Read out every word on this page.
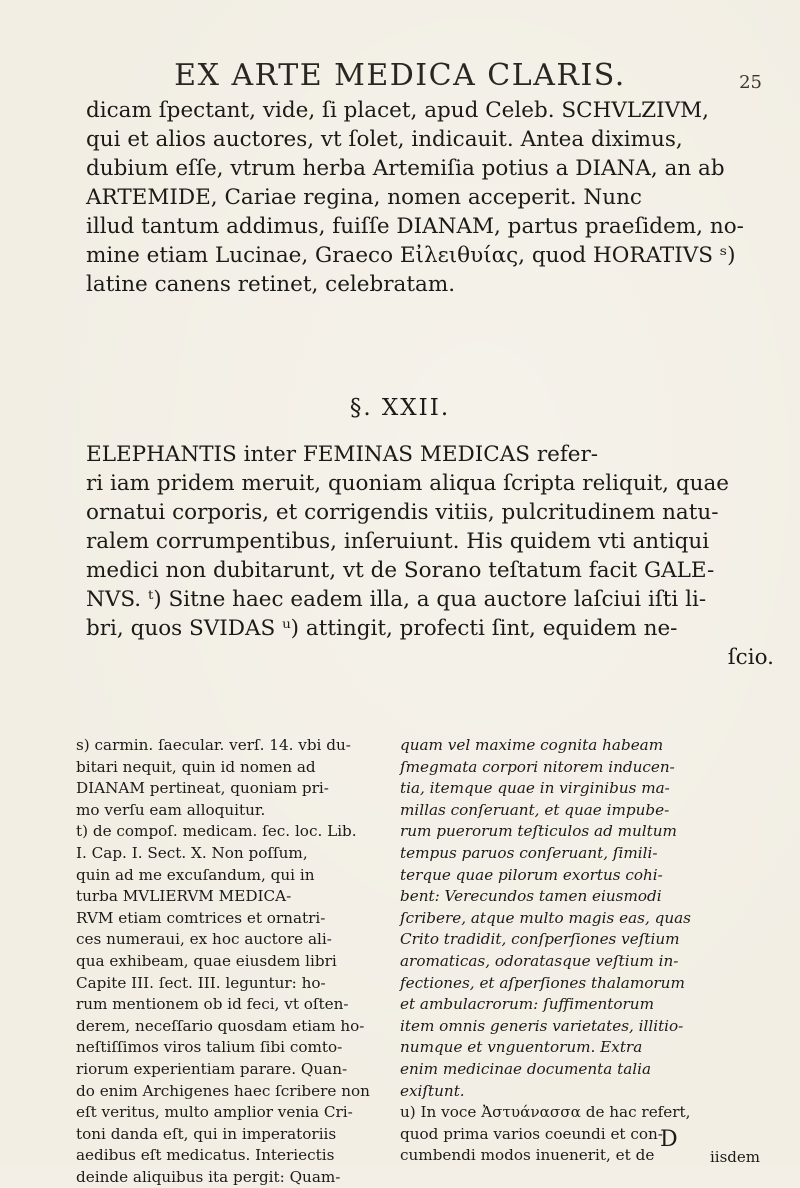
EX ARTE MEDICA CLARIS.	25
dicam ſpectant, vide, ſi placet, apud Celeb. SCHVLZIVM,
qui et alios auctores, vt ſolet, indicauit. Antea diximus,
dubium eſſe, vtrum herba Artemiſia potius a DIANA, an ab
ARTEMIDE, Cariae regina, nomen acceperit. Nunc
illud tantum addimus, fuiſſe DIANAM, partus praeſidem, no-
mine etiam Lucinae, Graeco Εἰλειθυίας, quod HORATIVS ˢ)
latine canens retinet, celebratam.
§. XXII.
ELEPHANTIS inter FEMINAS MEDICAS refer-
ri iam pridem meruit, quoniam aliqua ſcripta reliquit, quae
ornatui corporis, et corrigendis vitiis, pulcritudinem natu-
ralem corrumpentibus, inſeruiunt. His quidem vti antiqui
medici non dubitarunt, vt de Sorano teſtatum facit GALE-
NVS. ᵗ) Sitne haec eadem illa, a qua auctore laſciui iſti li-
bri, quos SVIDAS ᵘ) attingit, profecti ſint, equidem ne-
ſcio.
s) carmin. ſaecular. verſ. 14. vbi du-
bitari nequit, quin id nomen ad
DIANAM pertineat, quoniam pri-
mo verſu eam alloquitur.
t) de compoſ. medicam. ſec. loc. Lib.
I. Cap. I. Sect. X. Non poſſum,
quin ad me excuſandum, qui in
turba MVLIERVM MEDICA-
RVM etiam comtrices et ornatri-
ces numeraui, ex hoc auctore ali-
qua exhibeam, quae eiusdem libri
Capite III. ſect. III. leguntur: ho-
rum mentionem ob id feci, vt oſten-
derem, neceſſario quosdam etiam ho-
neſtiſſimos viros talium ſibi comto-
riorum experientiam parare. Quan-
do enim Archigenes haec ſcribere non
eſt veritus, multo amplior venia Cri-
toni danda eſt, qui in imperatoriis
aedibus eſt medicatus. Interiectis
deinde aliquibus ita pergit: Quam-
quam vel maxime cognita habeam
ſmegmata corpori nitorem inducen-
tia, itemque quae in virginibus ma-
millas conſeruant, et quae impube-
rum puerorum teſticulos ad multum
tempus paruos conſeruant, ſimili-
terque quae pilorum exortus cohi-
bent: Verecundos tamen eiusmodi
ſcribere, atque multo magis eas, quas
Crito tradidit, conſperſiones veſtium
aromaticas, odoratasque veſtium in-
fectiones, et aſperſiones thalamorum
et ambulacrorum: ſuffimentorum
item omnis generis varietates, illitio-
numque et vnguentorum. Extra
enim medicinae documenta talia
exiſtunt.
u) In voce Ἀστυάνασσα de hac refert,
quod prima varios coeundi et con-
cumbendi modos inuenerit, et de
D
iisdem
